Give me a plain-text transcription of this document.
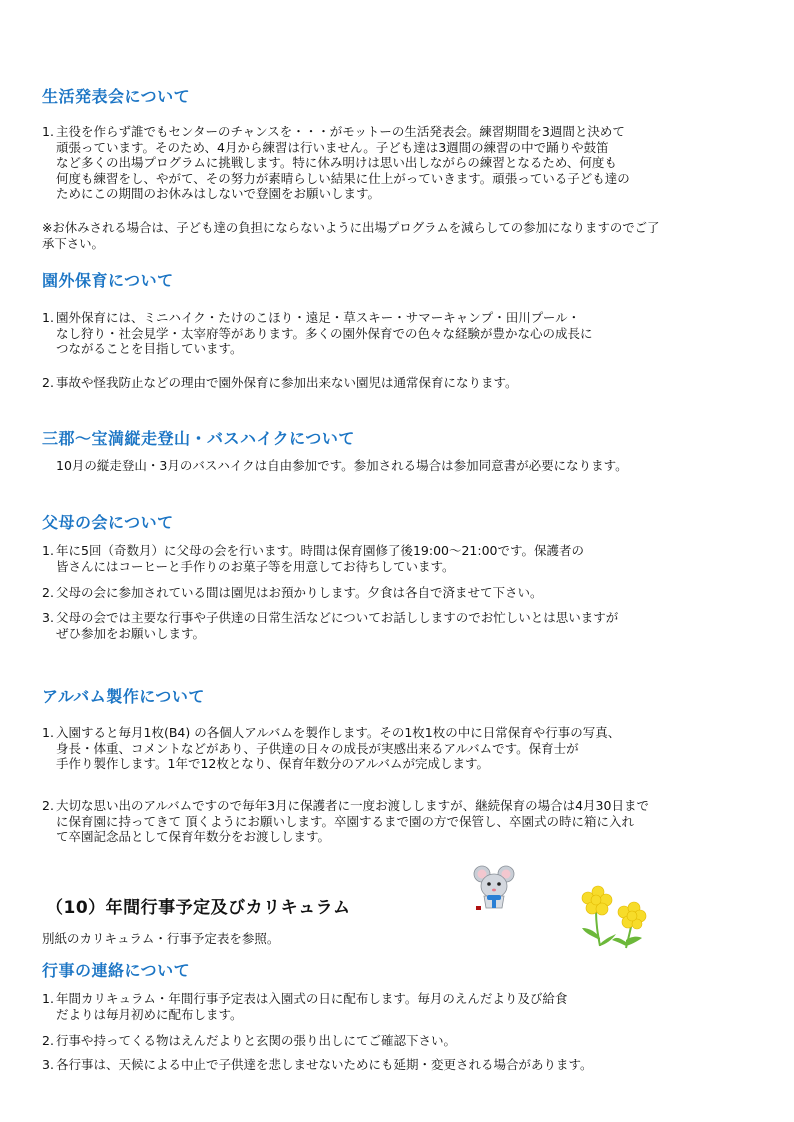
生活発表会について
1. 主役を作らず誰でもセンターのチャンスを・・・がモットーの生活発表会。練習期間を3週間と決めて
頑張っています。そのため、4月から練習は行いません。子ども達は3週間の練習の中で踊りや鼓笛
など多くの出場プログラムに挑戦します。特に休み明けは思い出しながらの練習となるため、何度も
何度も練習をし、やがて、その努力が素晴らしい結果に仕上がっていきます。頑張っている子ども達の
ためにこの期間のお休みはしないで登園をお願いします。
※お休みされる場合は、子ども達の負担にならないように出場プログラムを減らしての参加になりますのでご了
承下さい。
園外保育について
1. 園外保育には、ミニハイク・たけのこほり・遠足・草スキー・サマーキャンプ・田川プール・
なし狩り・社会見学・太宰府等があります。多くの園外保育での色々な経験が豊かな心の成長に
つながることを目指しています。
2. 事故や怪我防止などの理由で園外保育に参加出来ない園児は通常保育になります。
三郡～宝満縦走登山・バスハイクについて
10月の縦走登山・3月のバスハイクは自由参加です。参加される場合は参加同意書が必要になります。
父母の会について
1. 年に5回（奇数月）に父母の会を行います。時間は保育園修了後19:00～21:00です。保護者の
皆さんにはコーヒーと手作りのお菓子等を用意してお待ちしています。
2. 父母の会に参加されている間は園児はお預かりします。夕食は各自で済ませて下さい。
3. 父母の会では主要な行事や子供達の日常生活などについてお話ししますのでお忙しいとは思いますが
ぜひ参加をお願いします。
アルバム製作について
1. 入園すると毎月1枚(B4) の各個人アルバムを製作します。その1枚1枚の中に日常保育や行事の写真、
身長・体重、コメントなどがあり、子供達の日々の成長が実感出来るアルバムです。保育士が
手作り製作します。1年で12枚となり、保育年数分のアルバムが完成します。
2. 大切な思い出のアルバムですので毎年3月に保護者に一度お渡ししますが、継続保育の場合は4月30日まで
に保育園に持ってきて 頂くようにお願いします。卒園するまで園の方で保管し、卒園式の時に箱に入れ
て卒園記念品として保育年数分をお渡しします。
（10）年間行事予定及びカリキュラム
別紙のカリキュラム・行事予定表を参照。
行事の連絡について
1. 年間カリキュラム・年間行事予定表は入園式の日に配布します。毎月のえんだより及び給食
だよりは毎月初めに配布します。
2. 行事や持ってくる物はえんだよりと玄関の張り出しにてご確認下さい。
3. 各行事は、天候による中止で子供達を悲しませないためにも延期・変更される場合があります。
